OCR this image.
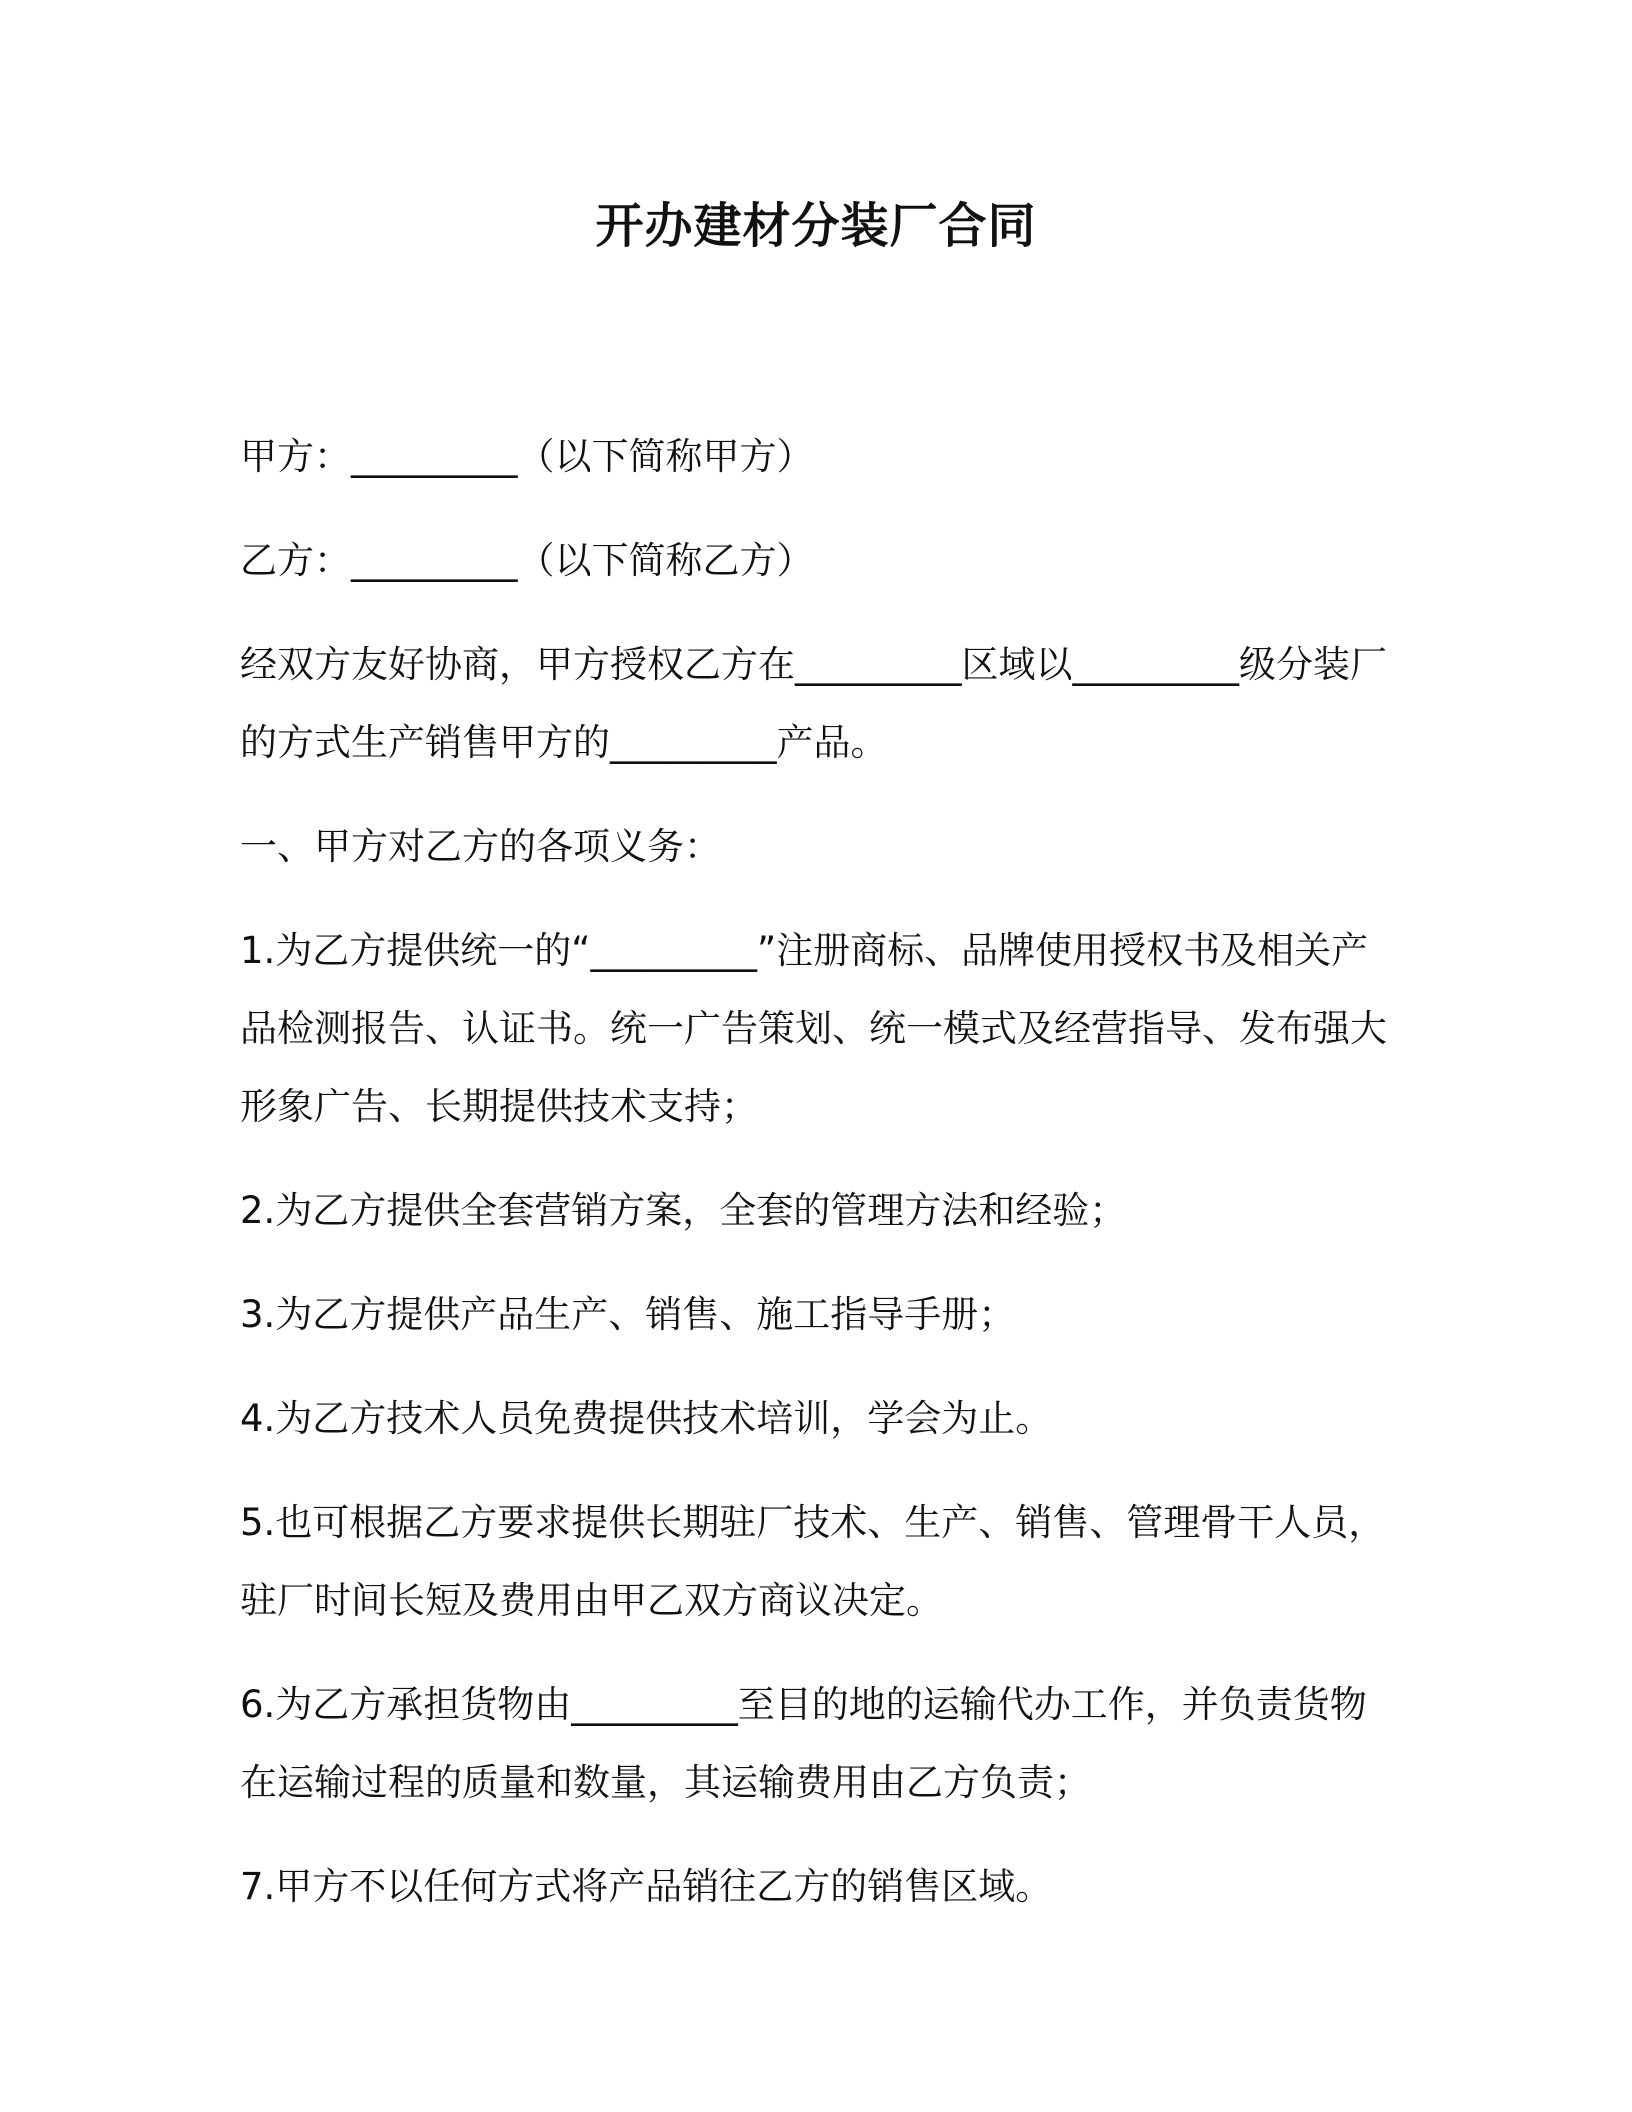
开办建材分装厂合同

甲方：_________（以下简称甲方）

乙方：_________（以下简称乙方）

经双方友好协商，甲方授权乙方在_________区域以_________级分装厂的方式生产销售甲方的_________产品。

一、甲方对乙方的各项义务：

1.为乙方提供统一的“_________”注册商标、品牌使用授权书及相关产品检测报告、认证书。统一广告策划、统一模式及经营指导、发布强大形象广告、长期提供技术支持；

2.为乙方提供全套营销方案，全套的管理方法和经验；

3.为乙方提供产品生产、销售、施工指导手册；

4.为乙方技术人员免费提供技术培训，学会为止。

5.也可根据乙方要求提供长期驻厂技术、生产、销售、管理骨干人员，驻厂时间长短及费用由甲乙双方商议决定。

6.为乙方承担货物由_________至目的地的运输代办工作，并负责货物在运输过程的质量和数量，其运输费用由乙方负责；

7.甲方不以任何方式将产品销往乙方的销售区域。
